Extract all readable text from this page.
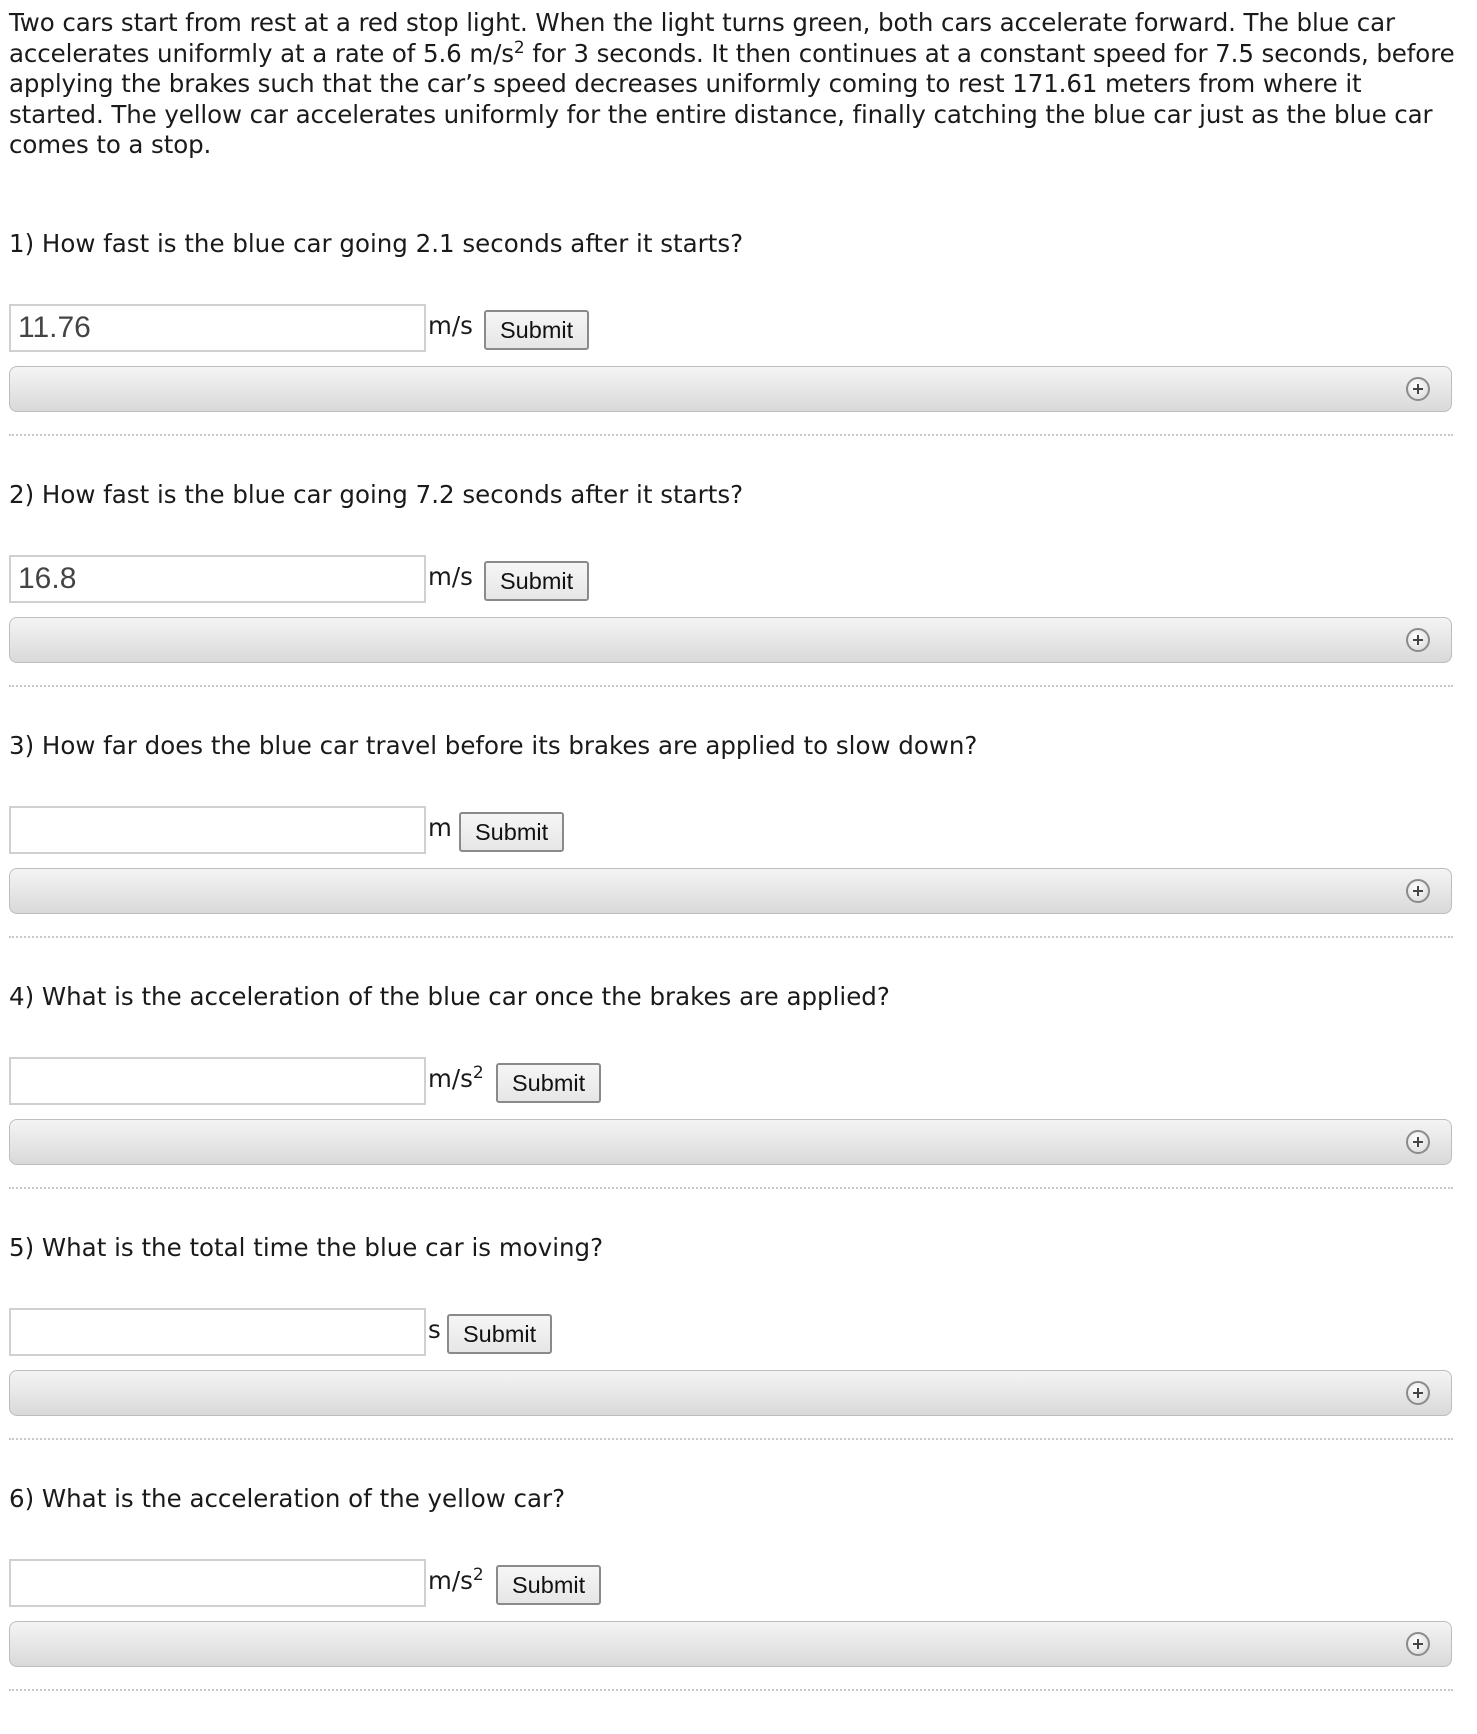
Two cars start from rest at a red stop light. When the light turns green, both cars accelerate forward. The blue car accelerates uniformly at a rate of 5.6 $m/s^2$ for 3 seconds. It then continues at a constant speed for 7.5 seconds, before applying the brakes such that the car’s speed decreases uniformly coming to rest 171.61 meters from where it started. The yellow car accelerates uniformly for the entire distance, finally catching the blue car just as the blue car comes to a stop.
1) How fast is the blue car going 2.1 seconds after it starts?
11.76
m/s	Submit
2) How fast is the blue car going 7.2 seconds after it starts?
16.8
m/s	Submit
3) How far does the blue car travel before its brakes are applied to slow down?
m Submit
4) What is the acceleration of the blue car once the brakes are applied?
$m/s^2$	Submit
5) What is the total time the blue car is moving?
s Submit
6) What is the acceleration of the yellow car?
$m/s^2$	Submit
